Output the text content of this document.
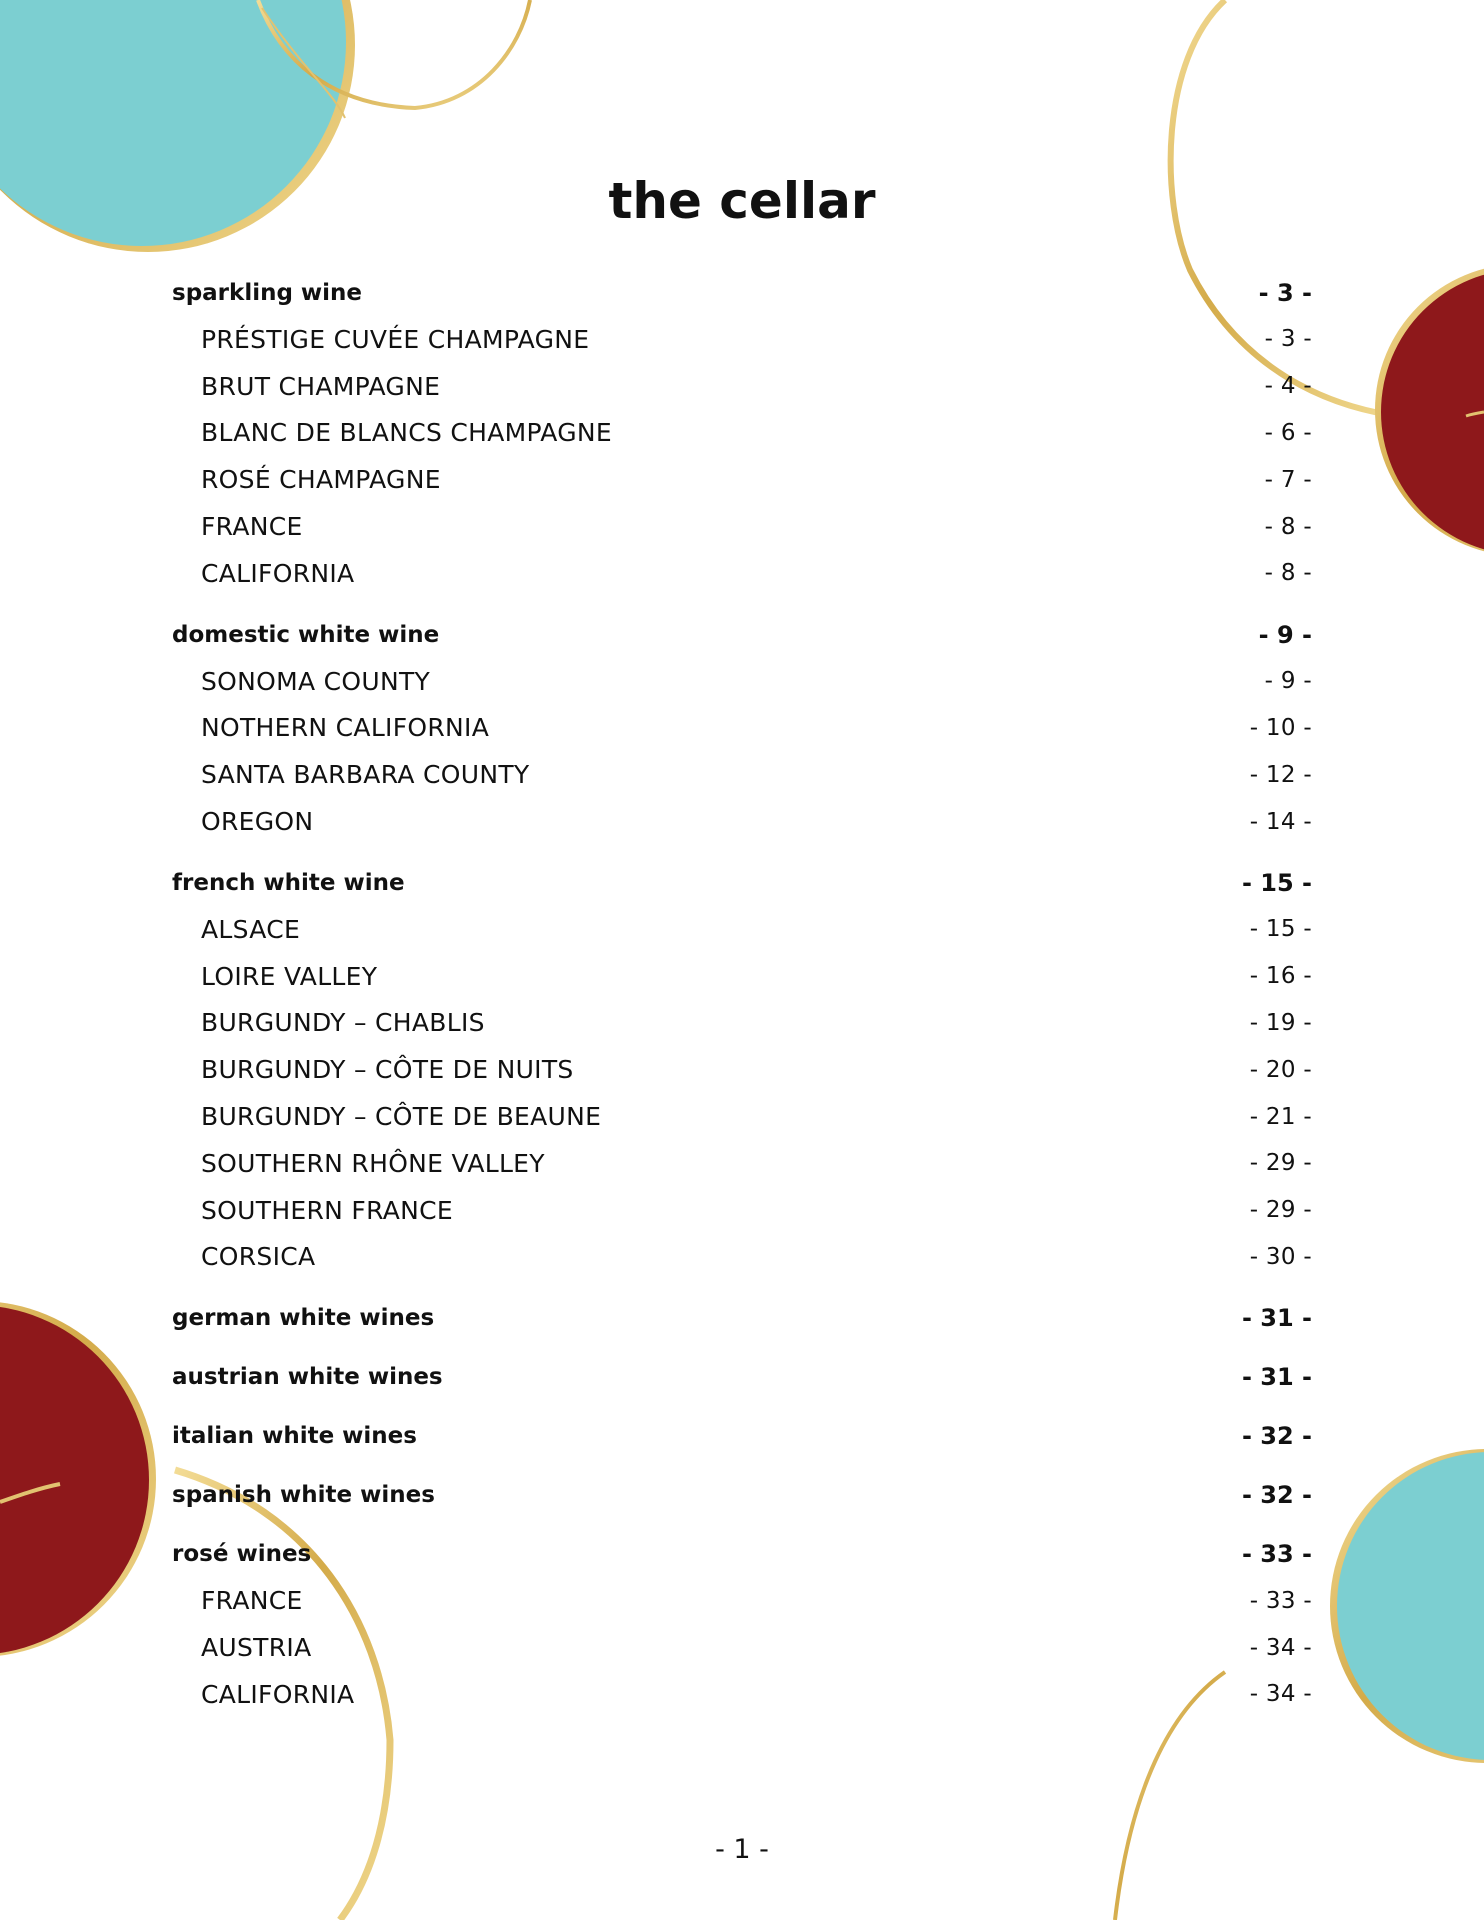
the cellar
sparkling wine	- 3 -
PRÉSTIGE CUVÉE CHAMPAGNE	- 3 -
BRUT CHAMPAGNE	- 4 -
BLANC DE BLANCS CHAMPAGNE	- 6 -
ROSÉ CHAMPAGNE	- 7 -
FRANCE	- 8 -
CALIFORNIA	- 8 -
domestic white wine	- 9 -
SONOMA COUNTY	- 9 -
NOTHERN CALIFORNIA	- 10 -
SANTA BARBARA COUNTY	- 12 -
OREGON	- 14 -
french white wine	- 15 -
ALSACE	- 15 -
LOIRE VALLEY	- 16 -
BURGUNDY – CHABLIS	- 19 -
BURGUNDY – CÔTE DE NUITS	- 20 -
BURGUNDY – CÔTE DE BEAUNE	- 21 -
SOUTHERN RHÔNE VALLEY	- 29 -
SOUTHERN FRANCE	- 29 -
CORSICA	- 30 -
german white wines	- 31 -
austrian white wines	- 31 -
italian white wines	- 32 -
spanish white wines	- 32 -
rosé wines	- 33 -
FRANCE	- 33 -
AUSTRIA	- 34 -
CALIFORNIA	- 34 -
- 1 -
